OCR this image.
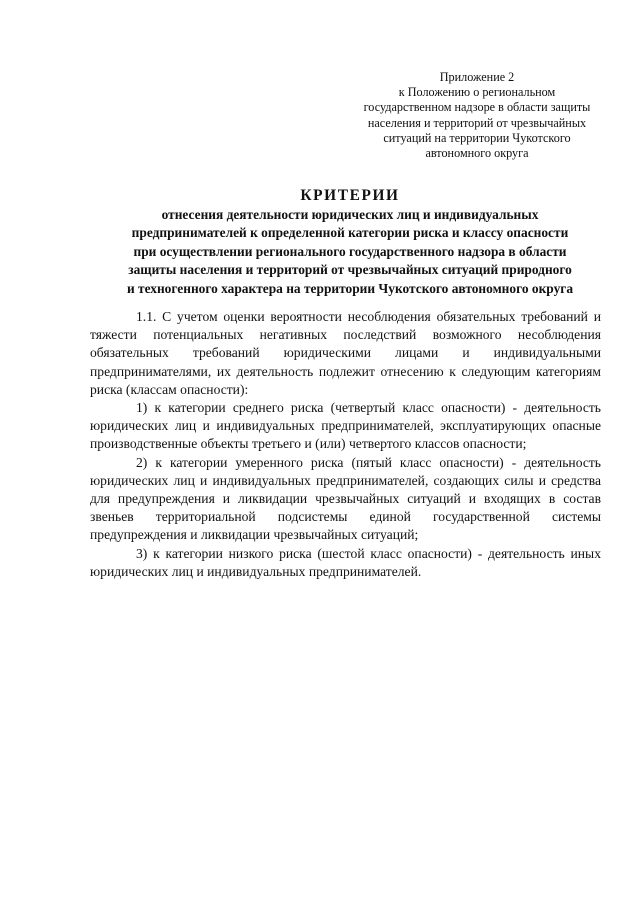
Приложение 2
к Положению о региональном
государственном надзоре в области защиты
населения и территорий от чрезвычайных
ситуаций на территории Чукотского
автономного округа
КРИТЕРИИ
отнесения деятельности юридических лиц и индивидуальных
предпринимателей к определенной категории риска и классу опасности
при осуществлении регионального государственного надзора в области
защиты населения и территорий от чрезвычайных ситуаций природного
и техногенного характера на территории Чукотского автономного округа

1.1. С учетом оценки вероятности несоблюдения обязательных требований и тяжести потенциальных негативных последствий возможного несоблюдения обязательных требований юридическими лицами и индивидуальными предпринимателями, их деятельность подлежит отнесению к следующим категориям риска (классам опасности):

1) к категории среднего риска (четвертый класс опасности) - деятельность юридических лиц и индивидуальных предпринимателей, эксплуатирующих опасные производственные объекты третьего и (или) четвертого классов опасности;

2) к категории умеренного риска (пятый класс опасности) - деятельность юридических лиц и индивидуальных предпринимателей, создающих силы и средства для предупреждения и ликвидации чрезвычайных ситуаций и входящих в состав звеньев территориальной подсистемы единой государственной системы предупреждения и ликвидации чрезвычайных ситуаций;

3) к категории низкого риска (шестой класс опасности) - деятельность иных юридических лиц и индивидуальных предпринимателей.
